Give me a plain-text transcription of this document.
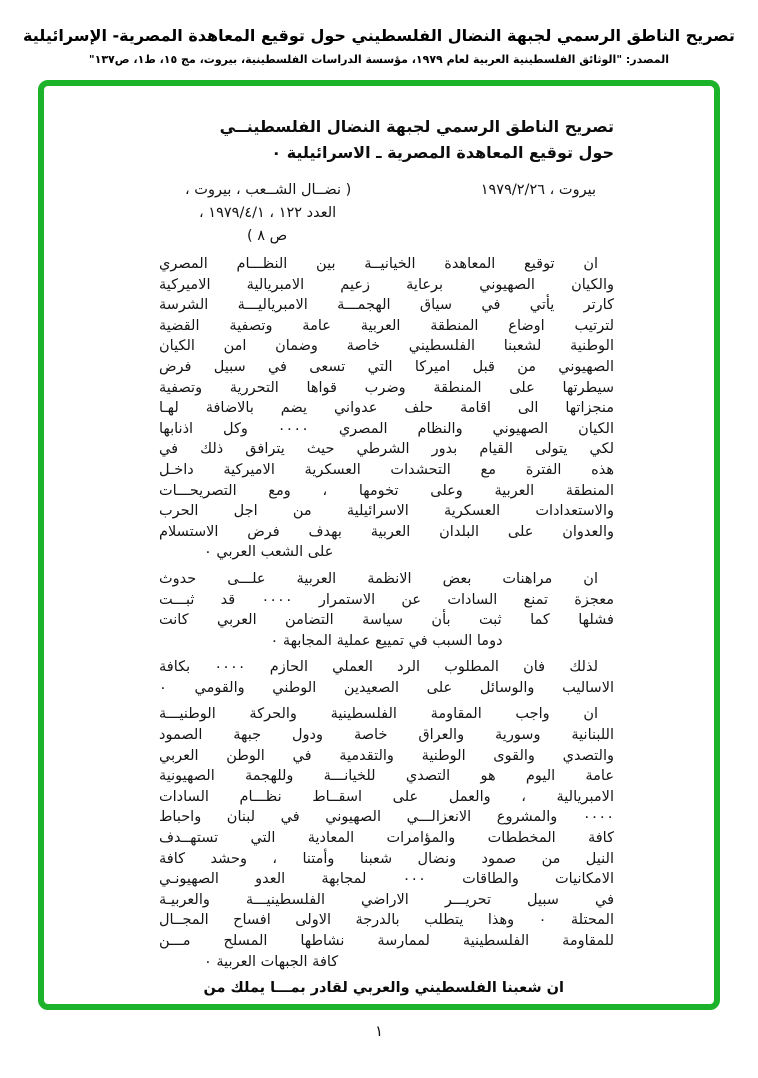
تصريح الناطق الرسمي لجبهة النضال الفلسطيني حول توقيع المعاهدة المصرية- الإسرائيلية
المصدر: "الوثائق الفلسطينية العربية لعام ١٩٧٩، مؤسسة الدراسات الفلسطينية، بيروت، مج ١٥، ط١، ص١٣٧"
تصريح الناطق الرسمي لجبهة النضال الفلسطينــي
حول توقيع المعاهدة المصرية ـ الاسرائيلية ٠
بيروت ، ١٩٧٩/٢/٢٦
( نضــال الشــعب ، بيروت ،
العدد ١٢٢ ، ١٩٧٩/٤/١ ،
ص ٨ )
ان توقيع المعاهدة الخيانيــة بين النظـــام المصري
والكيان الصهيوني برعاية زعيم الامبريالية الاميركية
كارتر يأتي في سياق الهجمـــة الامبرياليـــة الشرسة
لترتيب اوضاع المنطقة العربية عامة وتصفية القضية
الوطنية لشعبنا الفلسطيني خاصة وضمان امن الكيان
الصهيوني من قبل اميركا التي تسعى في سبيل فرض
سيطرتها على المنطقة وضرب قواها التحررية وتصفية
منجزاتها الى اقامة حلف عدواني يضم بالاضافة لهـا
الكيان الصهيوني والنظام المصري ٠٠٠٠ وكل اذنابها
لكي يتولى القيام بدور الشرطي حيث يترافق ذلك في
هذه الفترة مع التحشدات العسكرية الاميركية داخـل
المنطقة العربية وعلى تخومها ، ومع التصريحـــات
والاستعدادات العسكرية الاسرائيلية من اجل الحرب
والعدوان على البلدان العربية بهدف فرض الاستسلام
على الشعب العربي ٠
ان مراهنات بعض الانظمة العربية علـــى حدوث
معجزة تمنع السادات عن الاستمرار ٠٠٠٠ قد ثبـــت
فشلها كما ثبت بأن سياسة التضامن العربي كانت
دوما السبب في تمييع عملية المجابهة ٠
لذلك فان المطلوب الرد العملي الحازم ٠٠٠٠ بكافة
الاساليب والوسائل على الصعيدين الوطني والقومي ٠
ان واجب المقاومة الفلسطينية والحركة الوطنيـــة
اللبنانية وسورية والعراق خاصة ودول جبهة الصمود
والتصدي والقوى الوطنية والتقدمية في الوطن العربي
عامة اليوم هو التصدي للخيانـــة وللهجمة الصهيونية
الامبريالية ، والعمل على اسقــاط نظـــام السادات
٠٠٠٠ والمشروع الانعزالـــي الصهيوني في لبنان واحباط
كافة المخططات والمؤامرات المعادية التي تستهــدف
النيل من صمود ونضال شعبنا وأمتنا ، وحشد كافة
الامكانيات والطاقات ٠٠٠ لمجابهة العدو الصهيونـي
في سبيل تحريـــر الاراضي الفلسطينيـــة والعربيـة
المحتلة ٠ وهذا يتطلب بالدرجة الاولى افساح المجــال
للمقاومة الفلسطينية لممارسة نشاطها المسلح مـــن
كافة الجبهات العربية ٠
ان شعبنا الفلسطيني والعربي لقادر بمـــا يملك من
١
